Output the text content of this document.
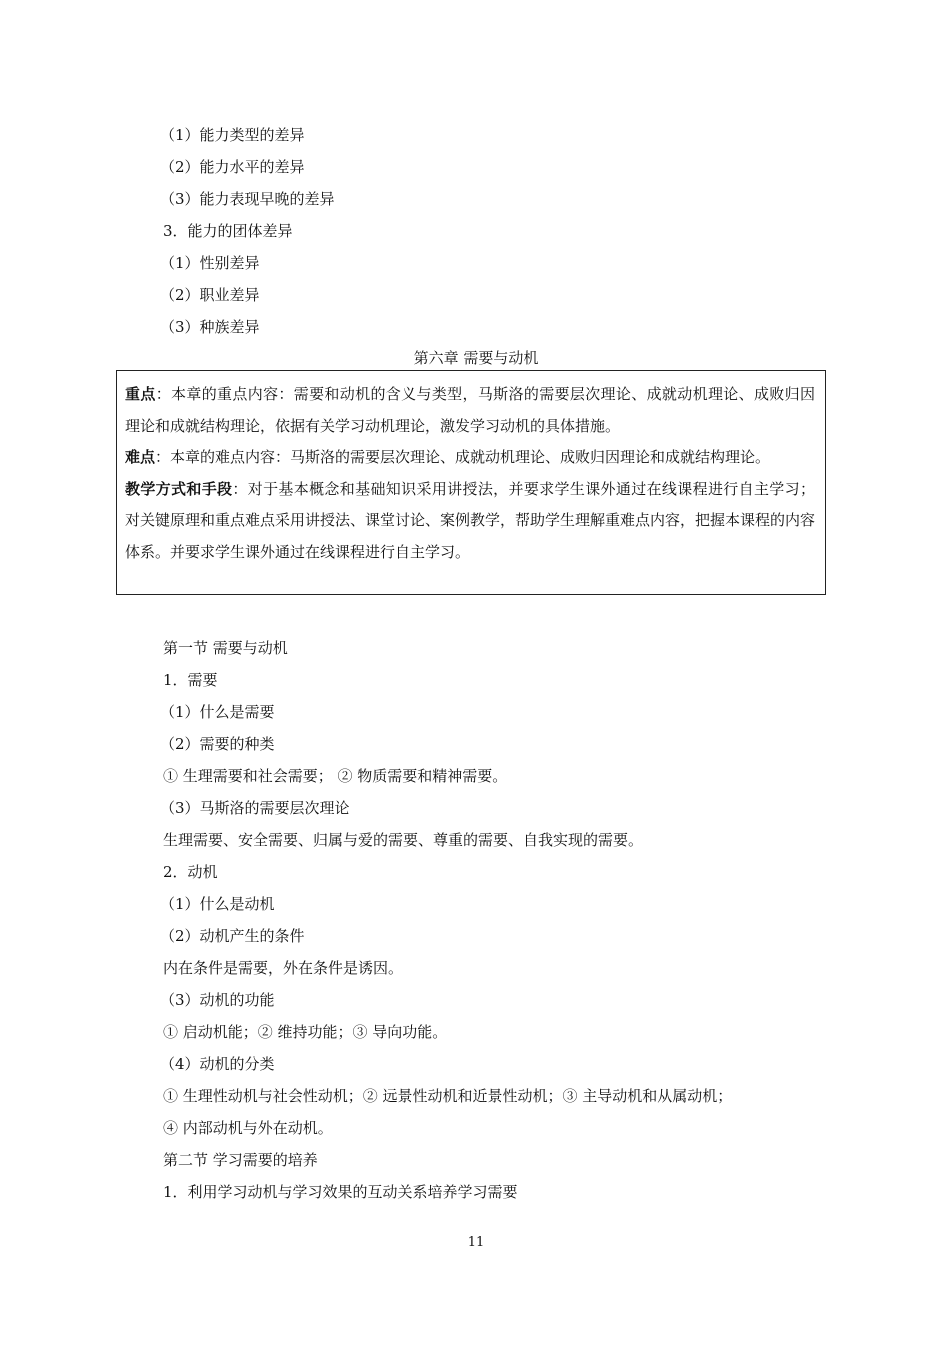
（1）能力类型的差异
（2）能力水平的差异
（3）能力表现早晚的差异
3．能力的团体差异
（1）性别差异
（2）职业差异
（3）种族差异
第六章 需要与动机

重点：本章的重点内容：需要和动机的含义与类型，马斯洛的需要层次理论、成就动机理论、成败归因理论和成就结构理论，依据有关学习动机理论，激发学习动机的具体措施。

难点：本章的难点内容：马斯洛的需要层次理论、成就动机理论、成败归因理论和成就结构理论。

教学方式和手段：对于基本概念和基础知识采用讲授法，并要求学生课外通过在线课程进行自主学习；对关键原理和重点难点采用讲授法、课堂讨论、案例教学，帮助学生理解重难点内容，把握本课程的内容体系。并要求学生课外通过在线课程进行自主学习。

第一节 需要与动机
1．需要
（1）什么是需要
（2）需要的种类
① 生理需要和社会需要； ② 物质需要和精神需要。
（3）马斯洛的需要层次理论
生理需要、安全需要、归属与爱的需要、尊重的需要、自我实现的需要。
2．动机
（1）什么是动机
（2）动机产生的条件
内在条件是需要，外在条件是诱因。
（3）动机的功能
① 启动机能；② 维持功能；③ 导向功能。
（4）动机的分类
① 生理性动机与社会性动机；② 远景性动机和近景性动机；③ 主导动机和从属动机；
④ 内部动机与外在动机。
第二节 学习需要的培养
1．利用学习动机与学习效果的互动关系培养学习需要
11
